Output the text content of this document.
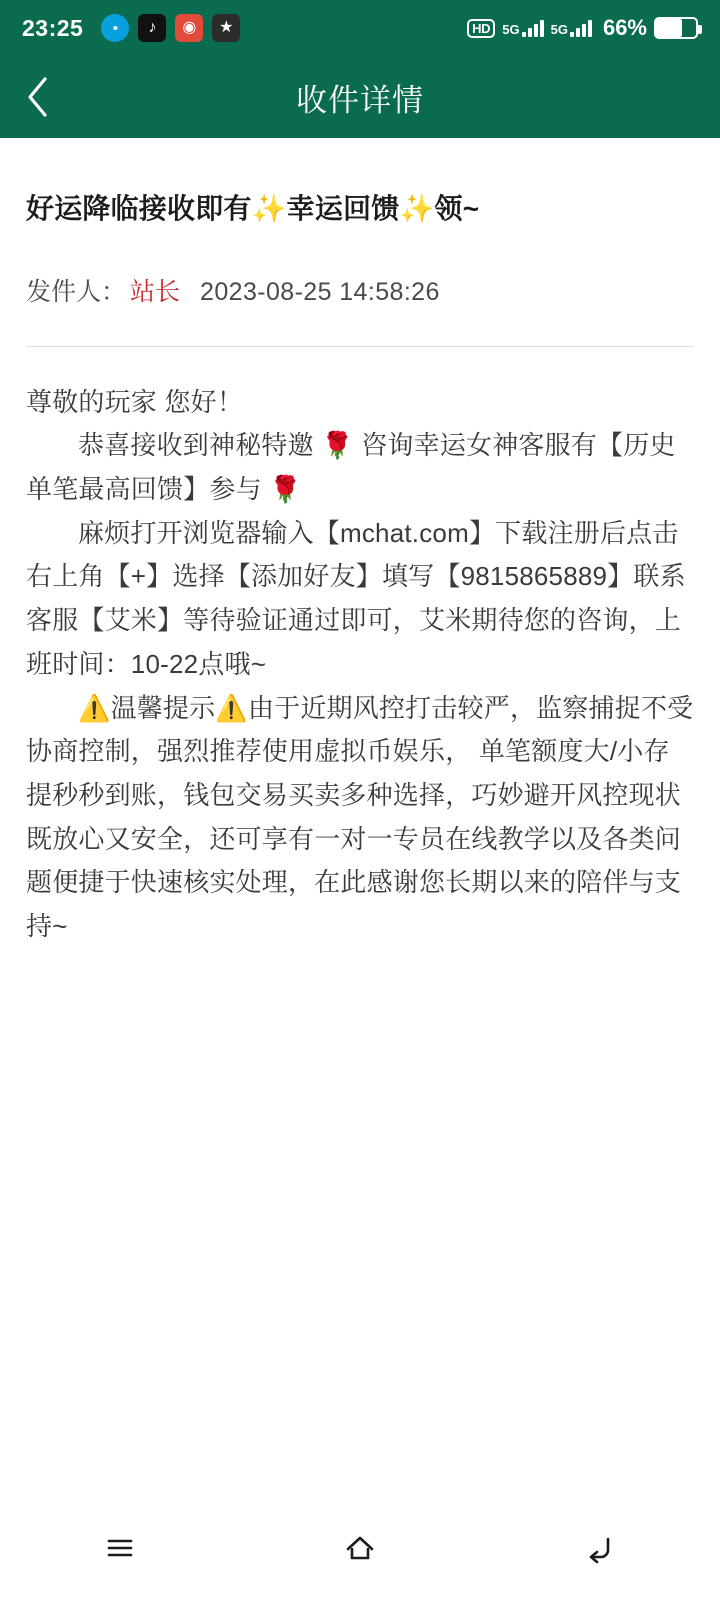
23:25	•	♪	◉	★	HD 5G 5G 66%
收件详情
好运降临接收即有✨幸运回馈✨领~
发件人： 站长 2023-08-25 14:58:26

尊敬的玩家 您好！

恭喜接收到神秘特邀 🌹 咨询幸运女神客服有【历史单笔最高回馈】参与 🌹

麻烦打开浏览器输入【mchat.com】下载注册后点击右上角【+】选择【添加好友】填写【9815865889】联系客服【艾米】等待验证通过即可，艾米期待您的咨询，上班时间：10-22点哦~

⚠️温馨提示⚠️由于近期风控打击较严，监察捕捉不受协商控制，强烈推荐使用虚拟币娱乐， 单笔额度大/小存提秒秒到账，钱包交易买卖多种选择，巧妙避开风控现状 既放心又安全，还可享有一对一专员在线教学以及各类问题便捷于快速核实处理，在此感谢您长期以来的陪伴与支持~
